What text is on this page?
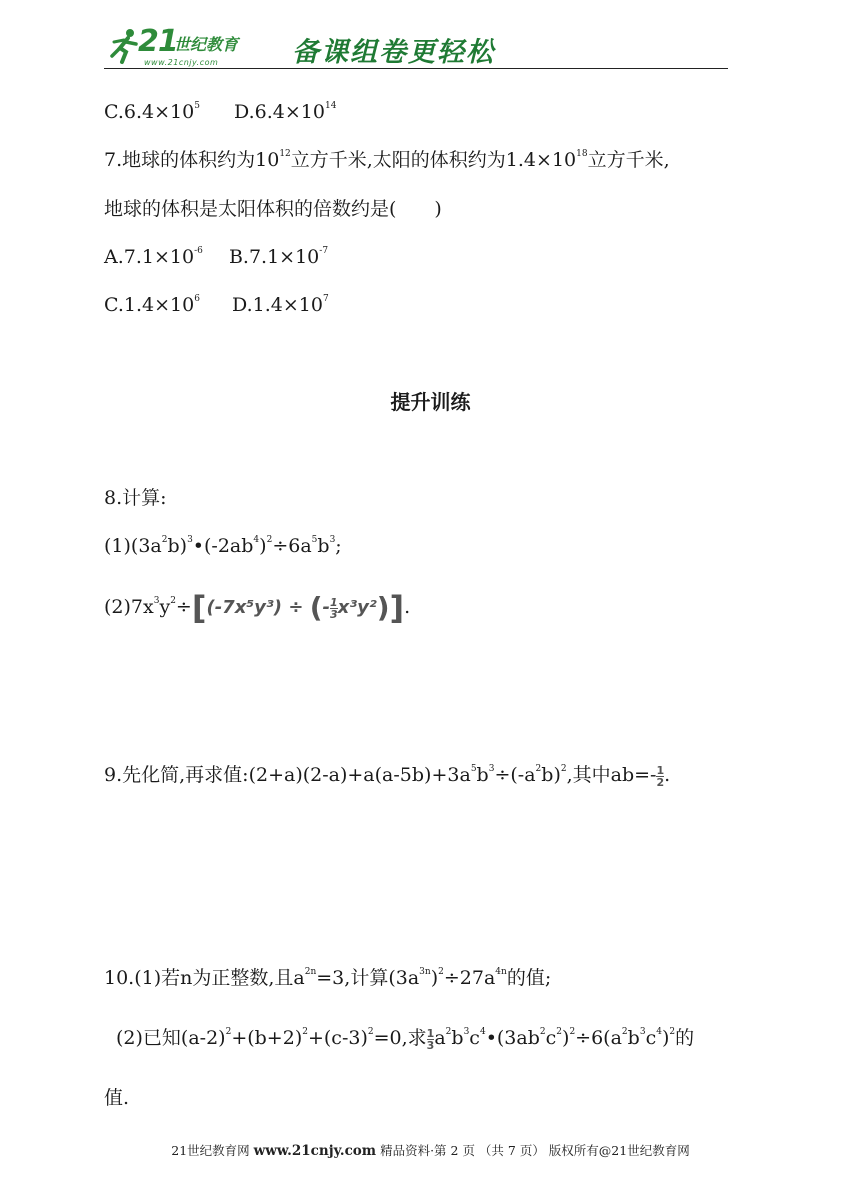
21
世纪教育
www.21cnjy.com	备课组卷更轻松
$C.6.4\times 10^5$ $D.6.4\times 10^{14}$
7.地球的体积约为$10^{12}$立方千米,太阳的体积约为$1.4\times 10^{18}$立方千米,
地球的体积是太阳体积的倍数约是(　　)
$A.7.1\times 10^{-6}$ $B.7.1\times 10^{-7}$
$C.1.4\times 10^6$ $D.1.4\times 10^7$
提升训练
8.计算:
$(1)(3a^2b)^3•(-2ab^4)^2\div 6a^5b^3$;
$(2)7x^3y^2\div[(-7x^5y^3)$ ÷ (- $\frac{1}{3} x^3y^2$)].
9.先化简,再求值$:(2+a)(2-a)+a(a-5b)+3a^5b^3\div(-a^2b)^2$,其中$ab=- \frac{1}{2}$ .
10.(1)若n为正整数,且$a^{2n}=3$,计算$(3a^{3n})^2\div 27a^{4n}$的值;
(2)已知$(a-2)^2+(b+2)^2+(c-3)^2=0$,求 $\frac{1}{3}$ $a^2b^3c^4•(3ab^2c^2)^2\div 6(a^2b^3c^4)^2$的
值.
21世纪教育网 www.21cnjy.com 精品资料·第 2 页 （共 7 页） 版权所有@21世纪教育网
